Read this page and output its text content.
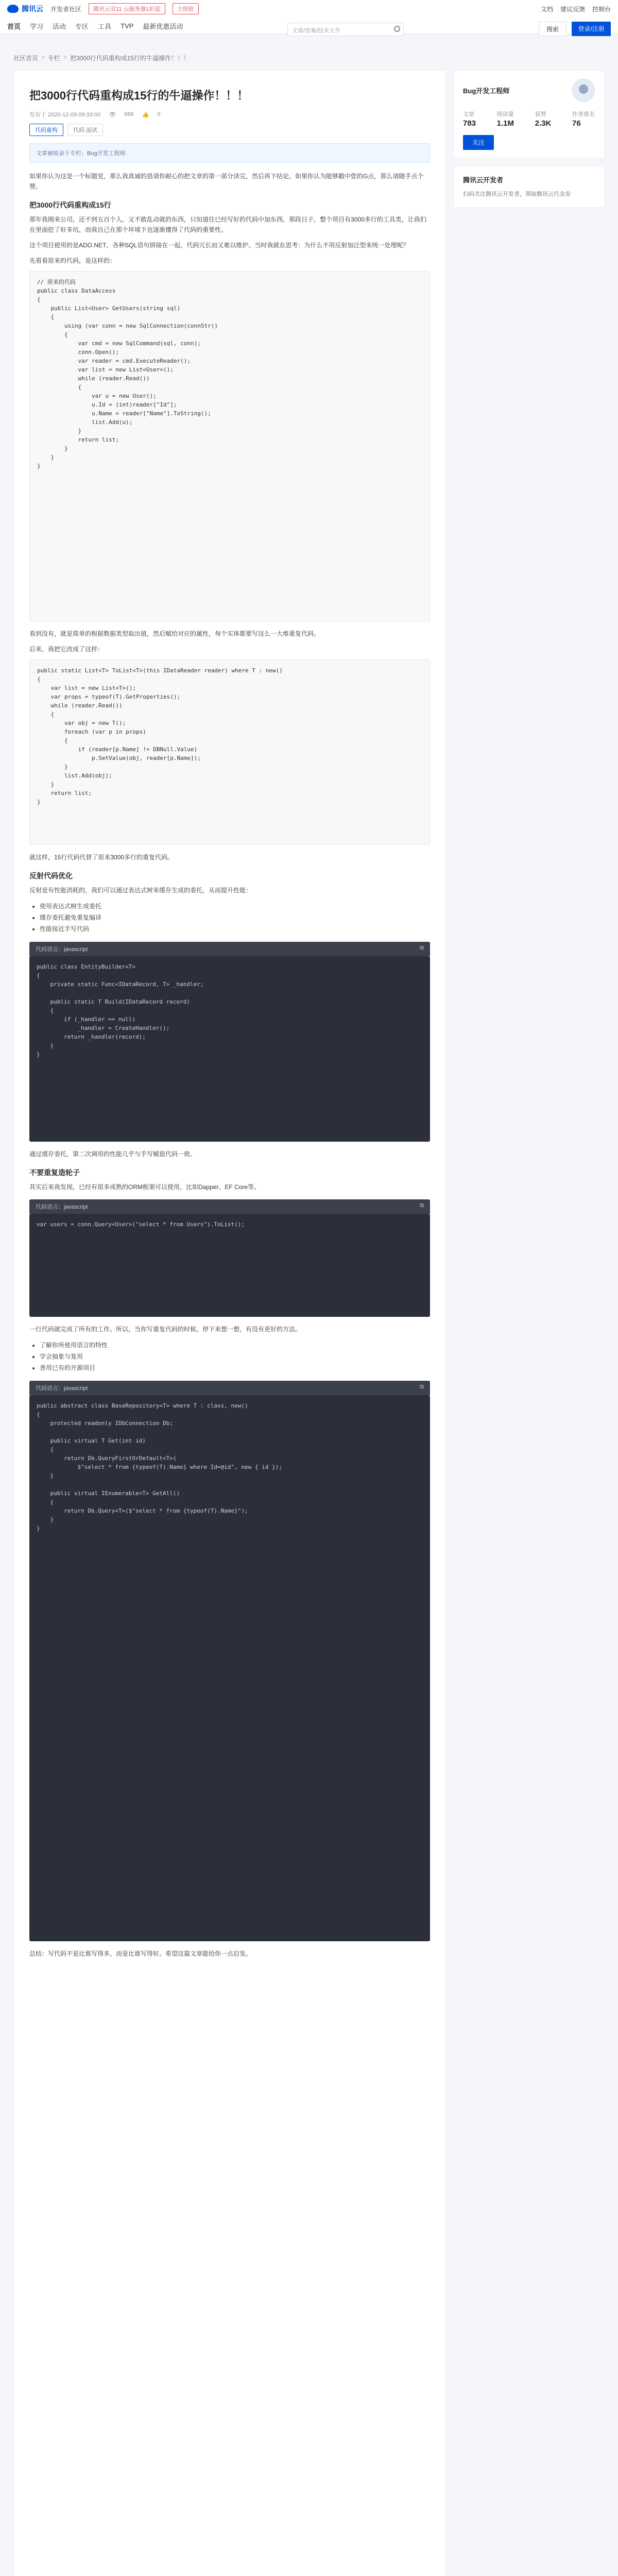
腾讯云 开发者社区	腾讯云双11 云服务器1折起	立即抢	文档 建议反馈 控制台
首页 学习 活动 专区 工具 TVP 最新优惠活动
文章/答案/技术大牛	搜索	登录/注册
社区首页 > 专栏 > 把3000行代码重构成15行的牛逼操作！！！
把3000行代码重构成15行的牛逼操作！！！
发布于 2020-12-09 09:33:00 👁 688 👍 0
代码重构	代码 面试
文章被收录于专栏：Bug开发工程师

如果你认为这是一个标题党，那么我真诚的恳请你耐心的把文章的第一部分读完，然后再下结论。如果你认为能够戳中您的G点，那么请随手点个赞。

把3000行代码重构成15行

那年我刚来公司，还不到五百个人，又不敢乱动就的东西，只知道往已经写好的代码中加东西，那段日子，整个项目有3000多行的工具类，让我们在里面挖了好多坑，而我自己在那个环境下也逐渐懂得了代码的重要性。

这个项目使用的是ADO.NET，各种SQL语句拼接在一起，代码冗长而又难以维护。当时我就在思考：为什么不用反射加泛型来统一处理呢？

先看看原来的代码，是这样的：

// 原来的代码
public class DataAccess
{
public List<User> GetUsers(string sql)
{
using (var conn = new SqlConnection(connStr))
{
var cmd = new SqlCommand(sql, conn);
conn.Open();
var reader = cmd.ExecuteReader();
var list = new List<User>();
while (reader.Read())
{
var u = new User();
u.Id = (int)reader["Id"];
u.Name = reader["Name"].ToString();
list.Add(u);
}
return list;
}
}
}

看到没有，就是简单的根据数据类型取出值，然后赋给对应的属性，每个实体都要写这么一大堆重复代码。

后来，我把它改成了这样：

public static List<T> ToList<T>(this IDataReader reader) where T : new()
{
var list = new List<T>();
var props = typeof(T).GetProperties();
while (reader.Read())
{
var obj = new T();
foreach (var p in props)
{
if (reader[p.Name] != DBNull.Value)
p.SetValue(obj, reader[p.Name]);
}
list.Add(obj);
}
return list;
}

就这样，15行代码代替了原来3000多行的重复代码。

反射代码优化

反射是有性能消耗的，我们可以通过表达式树来缓存生成的委托，从而提升性能：

• 使用表达式树生成委托
• 缓存委托避免重复编译
• 性能接近手写代码
代码语言：javascript	⧉
public class EntityBuilder<T>
{
private static Func<IDataRecord, T> _handler;

public static T Build(IDataRecord record)
{
if (_handler == null)
_handler = CreateHandler();
return _handler(record);
}
}

通过缓存委托，第二次调用的性能几乎与手写赋值代码一致。

不要重复造轮子

其实后来我发现，已经有很多成熟的ORM框架可以使用，比如Dapper、EF Core等。

代码语言：javascript	⧉
var users = conn.Query<User>("select * from Users").ToList();

一行代码就完成了所有的工作。所以，当你写重复代码的时候，停下来想一想，有没有更好的方法。

• 了解你所使用语言的特性
• 学会抽象与复用
• 善用已有的开源项目
代码语言：javascript	⧉
public abstract class BaseRepository<T> where T : class, new()
{
protected readonly IDbConnection Db;

public virtual T Get(int id)
{
return Db.QueryFirstOrDefault<T>(
$"select * from {typeof(T).Name} where Id=@id", new { id });
}

public virtual IEnumerable<T> GetAll()
{
return Db.Query<T>($"select * from {typeof(T).Name}");
}
}

总结：写代码不是比谁写得多，而是比谁写得好。希望这篇文章能给你一点启发。

Bug开发工程师
文章
783
阅读量
1.1M
获赞
2.3K
作者排名
76
关注
腾讯云开发者

扫码关注腾讯云开发者，领取腾讯云代金券
